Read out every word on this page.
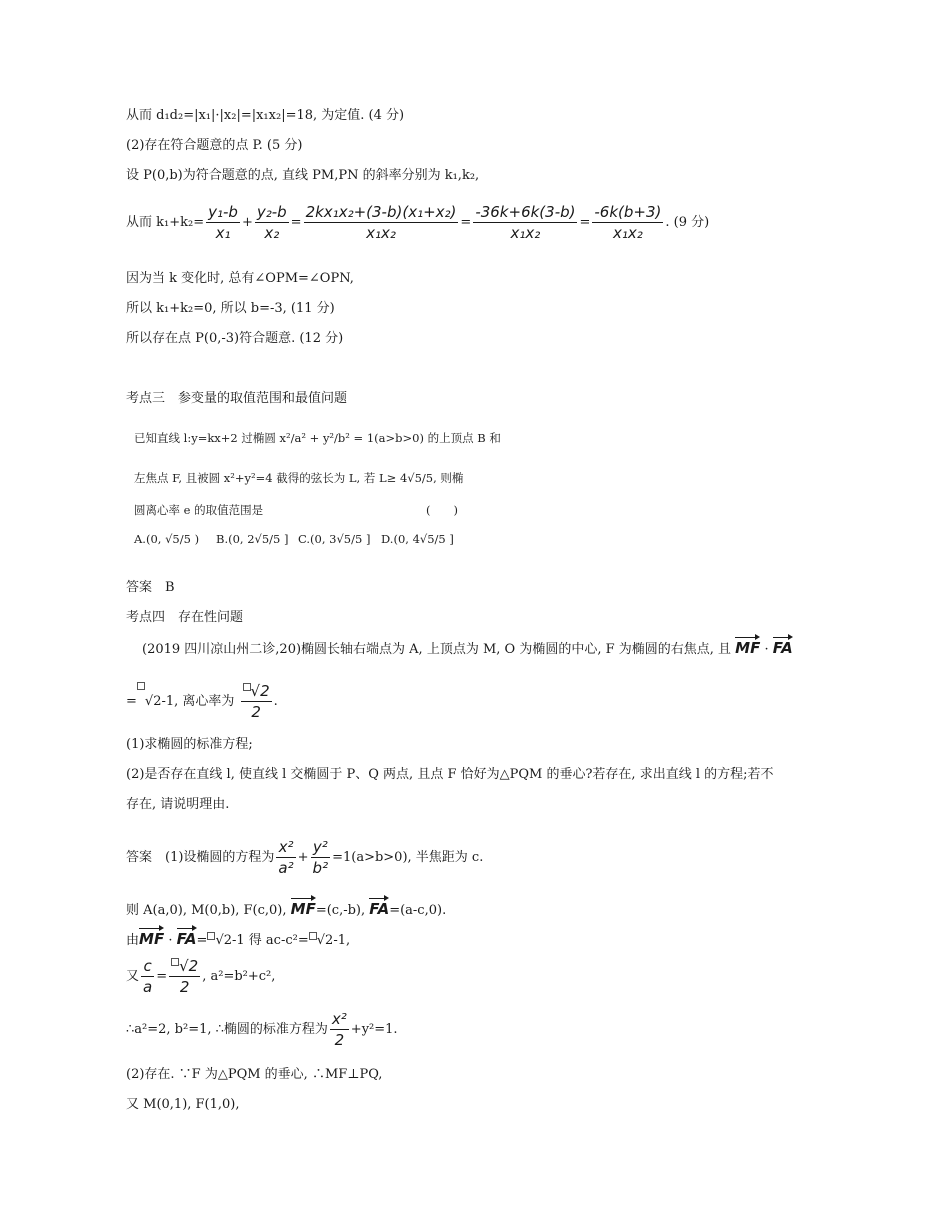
从而 d₁d₂=|x₁|·|x₂|=|x₁x₂|=18, 为定值. (4 分)
(2)存在符合题意的点 P. (5 分)
设 P(0,b)为符合题意的点, 直线 PM,PN 的斜率分别为 k₁,k₂,
从而 $k_1+k_2= \frac{\text{y₁-b}}{\text{x₁}} + \frac{\text{y₂-b}}{\text{x₂}} = \frac{\text{2kx₁x₂+(3-b)(x₁+x₂)}}{\text{x₁x₂}} = \frac{-36k+6k(3-b)}{\text{x₁x₂}} = \frac{-6k(b+3)}{\text{x₁x₂}}$ . (9 分)
因为当 k 变化时, 总有∠OPM=∠OPN,
所以 k₁+k₂=0, 所以 b=-3, (11 分)
所以存在点 P(0,-3)符合题意. (12 分)
考点三　参变量的取值范围和最值问题
已知直线 l:y=kx+2 过椭圆 x²/a² + y²/b² = 1(a>b>0) 的上顶点 B 和
左焦点 F, 且被圆 x²+y²=4 截得的弦长为 L, 若 L≥ 4√5/5, 则椭
圆离心率 e 的取值范围是	(　　)
A.(0, √5/5 ) B.(0, 2√5/5 ] C.(0, 3√5/5 ] D.(0, 4√5/5 ]
答案　B
考点四　存在性问题
(2019 四川凉山州二诊,20)椭圆长轴右端点为 A, 上顶点为 M, O 为椭圆的中心, F 为椭圆的右焦点, 且 MF · FA
= √2-1, 离心率为 $\frac{√2}{2}$ .
(1)求椭圆的标准方程;
(2)是否存在直线 l, 使直线 l 交椭圆于 P、Q 两点, 且点 F 恰好为△PQM 的垂心?若存在, 求出直线 l 的方程;若不
存在, 请说明理由.
答案　(1)设椭圆的方程为 $\frac{\text{x²}}{\text{a²}} + \frac{\text{y²}}{\text{b²}} =1(a>b>0)$, 半焦距为 c.
则 A(a,0), M(0,b), F(c,0), MF=(c,-b), FA=(a-c,0).
由MF · FA= √2-1 得 ac-c²= √2-1,
又 $\frac{c}{a} = \frac{√2}{2}$ , a²=b²+c²,
∴a²=2, b²=1, ∴椭圆的标准方程为 $\frac{\text{x²}}{2} +y^2=1$.
(2)存在. ∵F 为△PQM 的垂心, ∴MF⊥PQ,
又 M(0,1), F(1,0),
